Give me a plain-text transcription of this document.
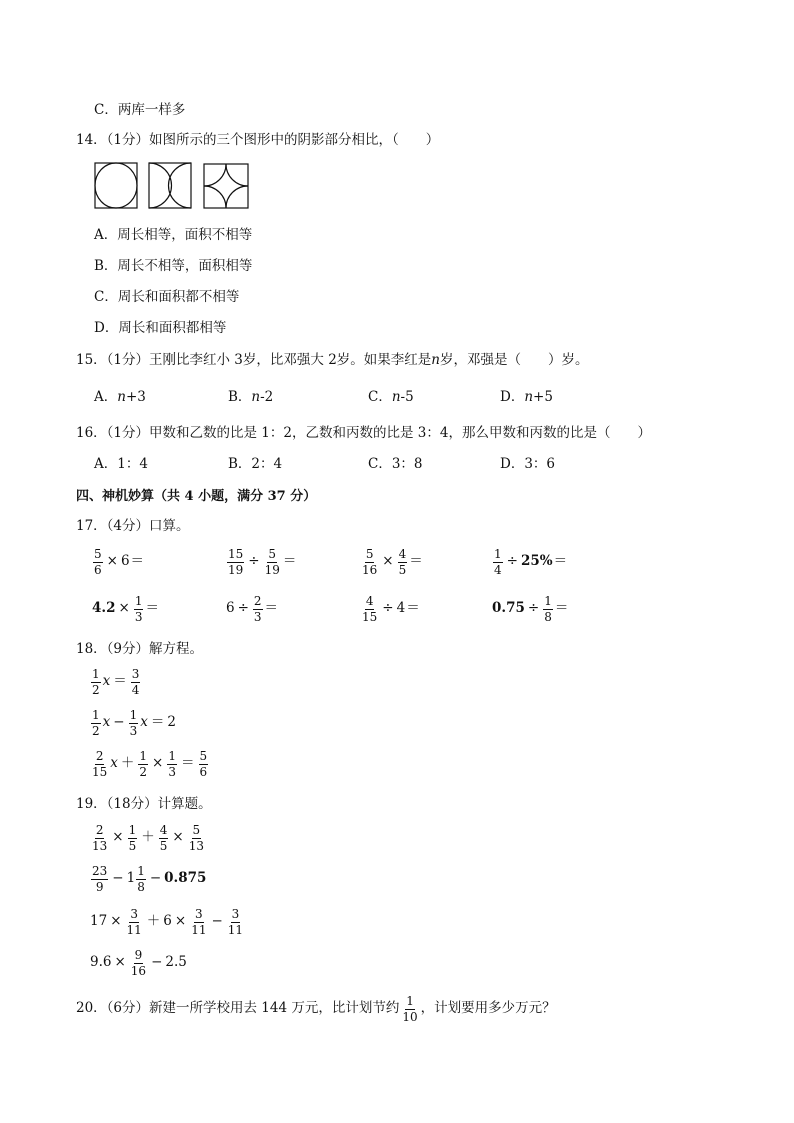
C．两库一样多
14．（1分）如图所示的三个图形中的阴影部分相比，（　　）
A．周长相等，面积不相等
B．周长不相等，面积相等
C．周长和面积都不相等
D．周长和面积都相等
15．（1分）王刚比李红小 3岁，比邓强大 2岁。如果李红是n岁，邓强是（　　）岁。
A．n+3	B．n-2	C．n-5	D．n+5
16．（1分）甲数和乙数的比是 1：2，乙数和丙数的比是 3：4，那么甲数和丙数的比是（　　）
A．1：4	B．2：4	C．3：8	D．3：6
四、神机妙算（共 4 小题，满分 37 分）
17．（4分）口算。
$\frac{5}{6} \times 6$ ＝	$\frac{15}{19} \div \frac{5}{19}$ ＝	$\frac{5}{16} \times \frac{4}{5}$ ＝	$\frac{1}{4} \div 25\%$ ＝
$4.2 \times \frac{1}{3}$ ＝	$6 \div \frac{2}{3}$ ＝	$\frac{4}{15} \div 4$ ＝	$0.75 \div \frac{1}{8}$ ＝
18．（9分）解方程。
$\frac{1}{2}$ $x = \frac{3}{4}$
$\frac{1}{2}$ $x - \frac{1}{3}$ x ＝ 2
$\frac{2}{15}$ $x + \frac{1}{2} \times \frac{1}{3} = \frac{5}{6}$
19．（18分）计算题。
$\frac{2}{13} \times \frac{1}{5} + \frac{4}{5} \times \frac{5}{13}$
$\frac{23}{9} - 1 \frac{1}{8} - 0.875$
$17 \times \frac{3}{11} + 6 \times \frac{3}{11} - \frac{3}{11}$
$9.6 \times \frac{9}{16} - 2.5$
20．（6分）新建一所学校用去 144 万元，比计划节约 $\frac{1}{10}$ ，计划要用多少万元？
